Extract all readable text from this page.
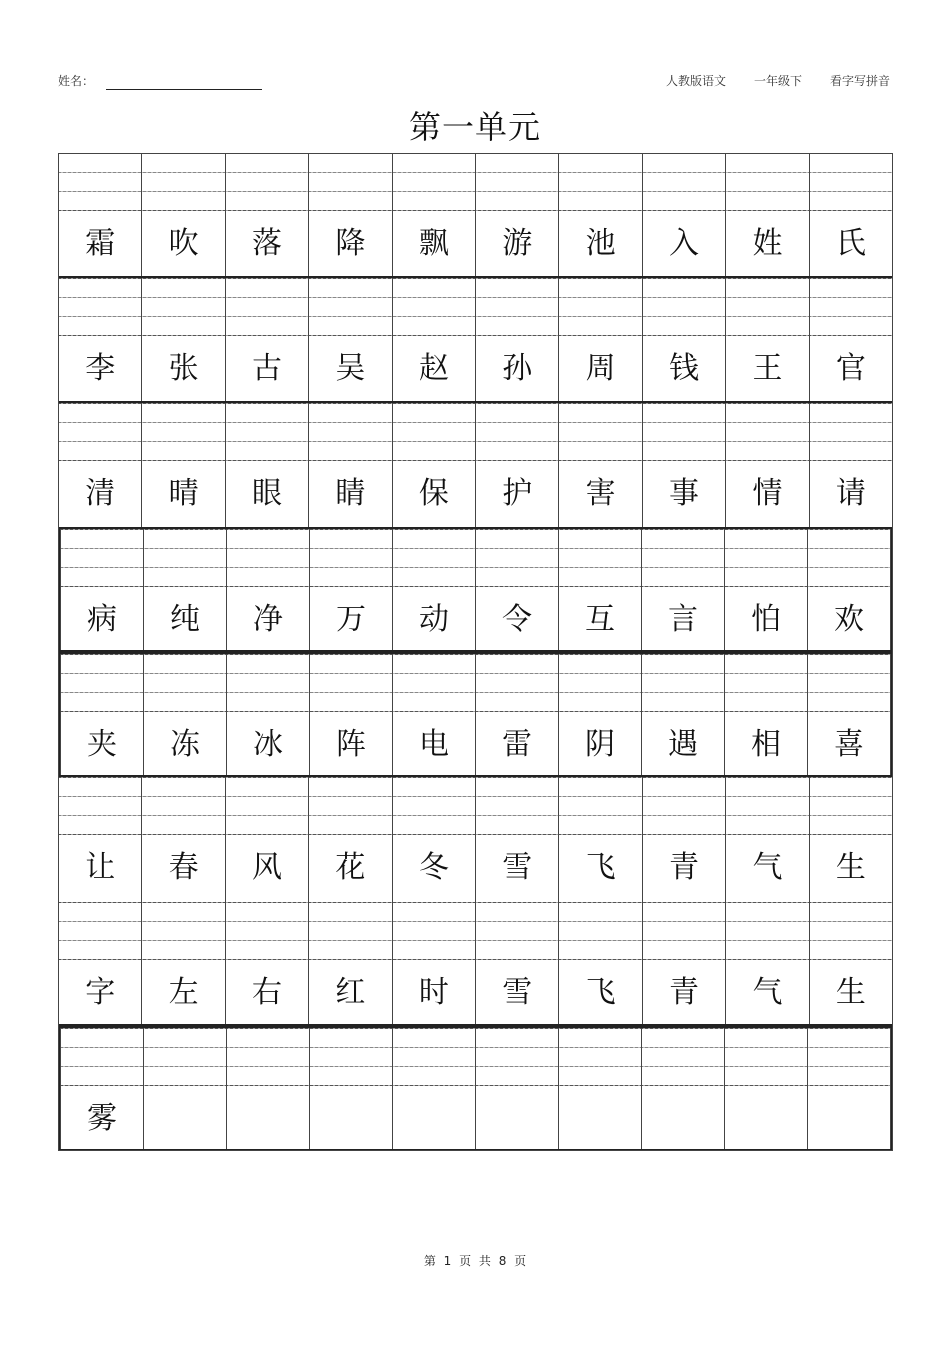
姓名：	人教版语文 一年级下 看字写拼音
第一单元
霜	吹	落	降	飘	游	池	入	姓	氏
李	张	古	吴	赵	孙	周	钱	王	官
清	晴	眼	睛	保	护	害	事	情	请
病	纯	净	万	动	令	互	言	怕	欢
夹	冻	冰	阵	电	雷	阴	遇	相	喜
让	春	风	花	冬	雪	飞	青	气	生
字	左	右	红	时	雪	飞	青	气	生
雾
第 1 页 共 8 页
